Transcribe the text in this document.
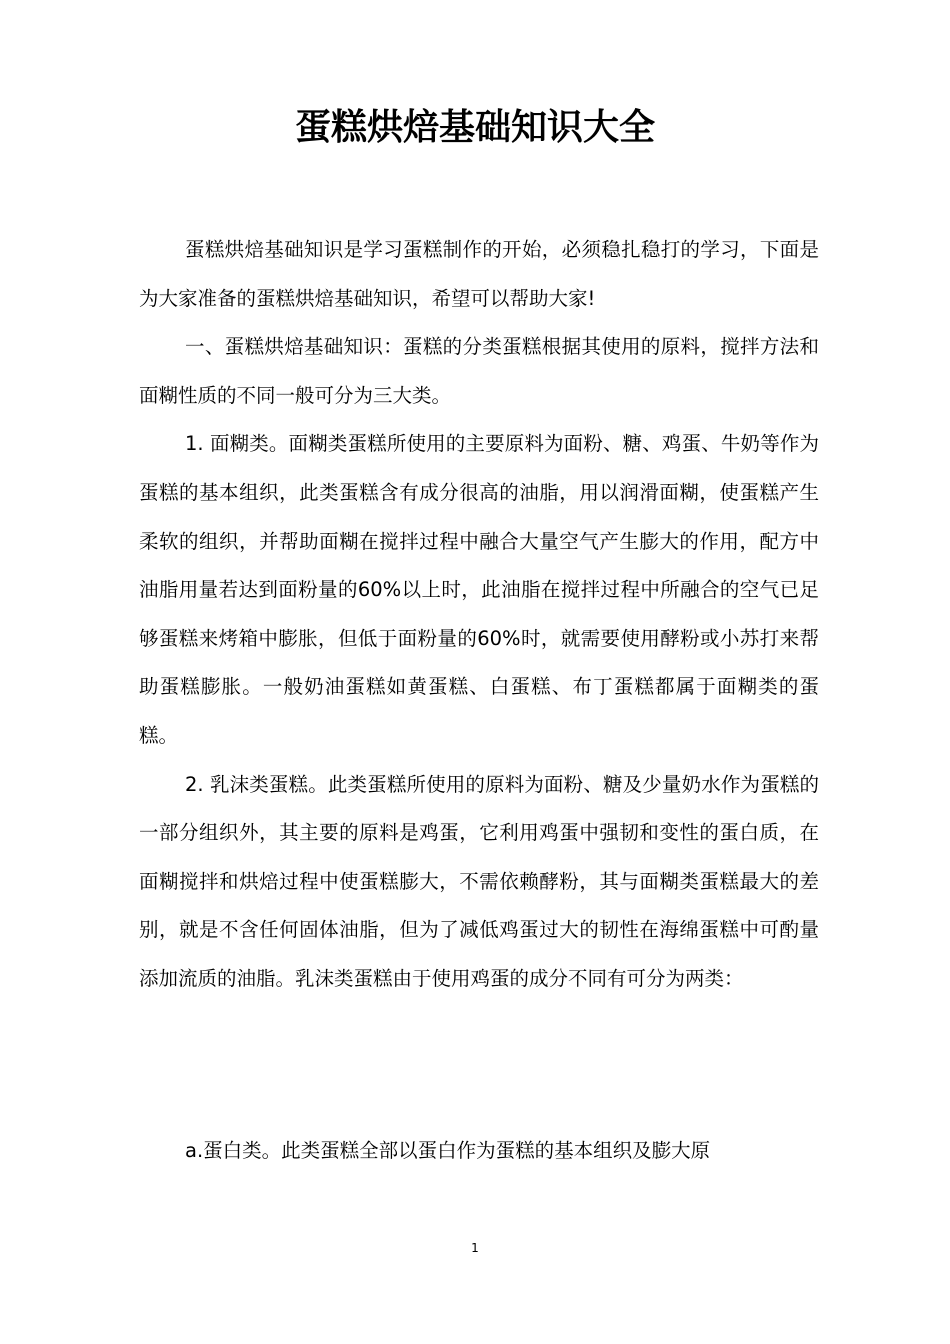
蛋糕烘焙基础知识大全

蛋糕烘焙基础知识是学习蛋糕制作的开始，必须稳扎稳打的学习，下面是为大家准备的蛋糕烘焙基础知识，希望可以帮助大家!

一、蛋糕烘焙基础知识：蛋糕的分类蛋糕根据其使用的原料，搅拌方法和面糊性质的不同一般可分为三大类。

1. 面糊类。面糊类蛋糕所使用的主要原料为面粉、糖、鸡蛋、牛奶等作为蛋糕的基本组织，此类蛋糕含有成分很高的油脂，用以润滑面糊，使蛋糕产生柔软的组织，并帮助面糊在搅拌过程中融合大量空气产生膨大的作用，配方中油脂用量若达到面粉量的60%以上时，此油脂在搅拌过程中所融合的空气已足够蛋糕来烤箱中膨胀，但低于面粉量的60%时，就需要使用酵粉或小苏打来帮助蛋糕膨胀。一般奶油蛋糕如黄蛋糕、白蛋糕、布丁蛋糕都属于面糊类的蛋糕。

2. 乳沫类蛋糕。此类蛋糕所使用的原料为面粉、糖及少量奶水作为蛋糕的一部分组织外，其主要的原料是鸡蛋，它利用鸡蛋中强韧和变性的蛋白质，在面糊搅拌和烘焙过程中使蛋糕膨大，不需依赖酵粉，其与面糊类蛋糕最大的差别，就是不含任何固体油脂，但为了减低鸡蛋过大的韧性在海绵蛋糕中可酌量添加流质的油脂。乳沫类蛋糕由于使用鸡蛋的成分不同有可分为两类：

a.蛋白类。此类蛋糕全部以蛋白作为蛋糕的基本组织及膨大原

1
